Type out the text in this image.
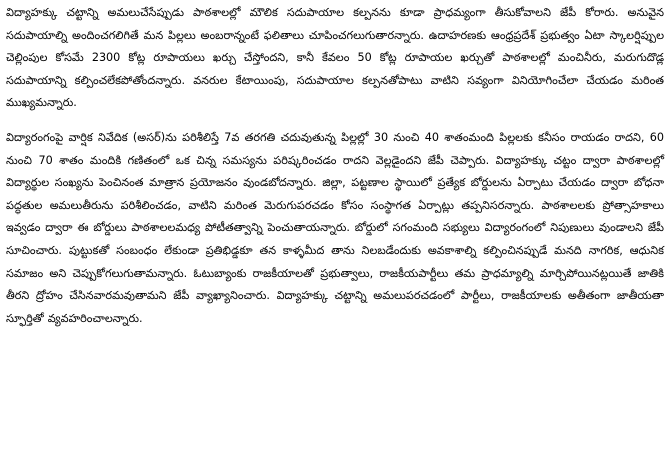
విద్యాహక్కు చట్టాన్ని అమలుచేసేప్పుడు పాఠశాలల్లో మౌలిక సదుపాయాల కల్పనను కూడా ప్రాధమ్యంగా తీసుకోవాలని జేపీ కోరారు. అనువైన సదుపాయాల్ని అందించగలిగితే మన పిల్లలు అంబరాన్నంటే ఫలితాలు చూపించగలుగుతారన్నారు. ఉదాహరణకు ఆంధ్రప్రదేశ్ ప్రభుత్వం ఏటా స్కాలర్షిప్పుల చెల్లింపుల కోసమే 2300 కోట్ల రూపాయలు ఖర్చు చేస్తోందని, కానీ కేవలం 50 కోట్ల రూపాయల ఖర్చుతో పాఠశాలల్లో మంచినీరు, మరుగుదొడ్ల సదుపాయాన్ని కల్పించలేకపోతోందన్నారు. వనరుల కేటాయింపు, సదుపాయాల కల్పనతోపాటు వాటిని సవ్యంగా వినియోగించేలా చేయడం మరింత ముఖ్యమన్నారు.

విద్యారంగంపై వార్షిక నివేదిక (అసర్)ను పరిశీలిస్తే 7వ తరగతి చదువుతున్న పిల్లల్లో 30 నుంచి 40 శాతంమంది పిల్లలకు కనీసం రాయడం రాదని, 60 నుంచి 70 శాతం మందికి గణితంలో ఒక చిన్న సమస్యను పరిష్కరించడం రాదని వెల్లడైందని జేపీ చెప్పారు. విద్యాహక్కు చట్టం ద్వారా పాఠశాలల్లో విద్యార్థుల సంఖ్యను పెంచినంత మాత్రాన ప్రయోజనం వుండబోదన్నారు. జిల్లా, పట్టణాల స్థాయిలో ప్రత్యేక బోర్డులను ఏర్పాటు చేయడం ద్వారా బోధనా పద్ధతుల అమలుతీరును పరిశీలించడం, వాటిని మరింత మెరుగుపరచడం కోసం సంస్థాగత ఏర్పాట్లు తప్పనిసరన్నారు. పాఠశాలలకు ప్రోత్సాహకాలు ఇవ్వడం ద్వారా ఈ బోర్డులు పాఠశాలలమధ్య పోటీతత్వాన్ని పెంచుతాయన్నారు. బోర్డులో సగంమంది సభ్యులు విద్యారంగంలో నిపుణులు వుండాలని జేపీ సూచించారు. పుట్టుకతో సంబంధం లేకుండా ప్రతిభిడ్డకూ తన కాళ్ళమీద తాను నిలబడేందుకు అవకాశాల్ని కల్పించినప్పుడే మనది నాగరిక, ఆధునిక సమాజం అని చెప్పుకోగలుగుతామన్నారు. ఓటుబ్యాంకు రాజకీయాలతో ప్రభుత్వాలు, రాజకీయపార్టీలు తమ ప్రాధమ్యాల్ని మార్చిపోయినట్లయితే జాతికి తీరని ద్రోహం చేసినవారమవుతామని జేపీ వ్యాఖ్యానించారు. విద్యాహక్కు చట్టాన్ని అమలుపరచడంలో పార్టీలు, రాజకీయాలకు అతీతంగా జాతీయతా స్ఫూర్తితో వ్యవహరించాలన్నారు.
